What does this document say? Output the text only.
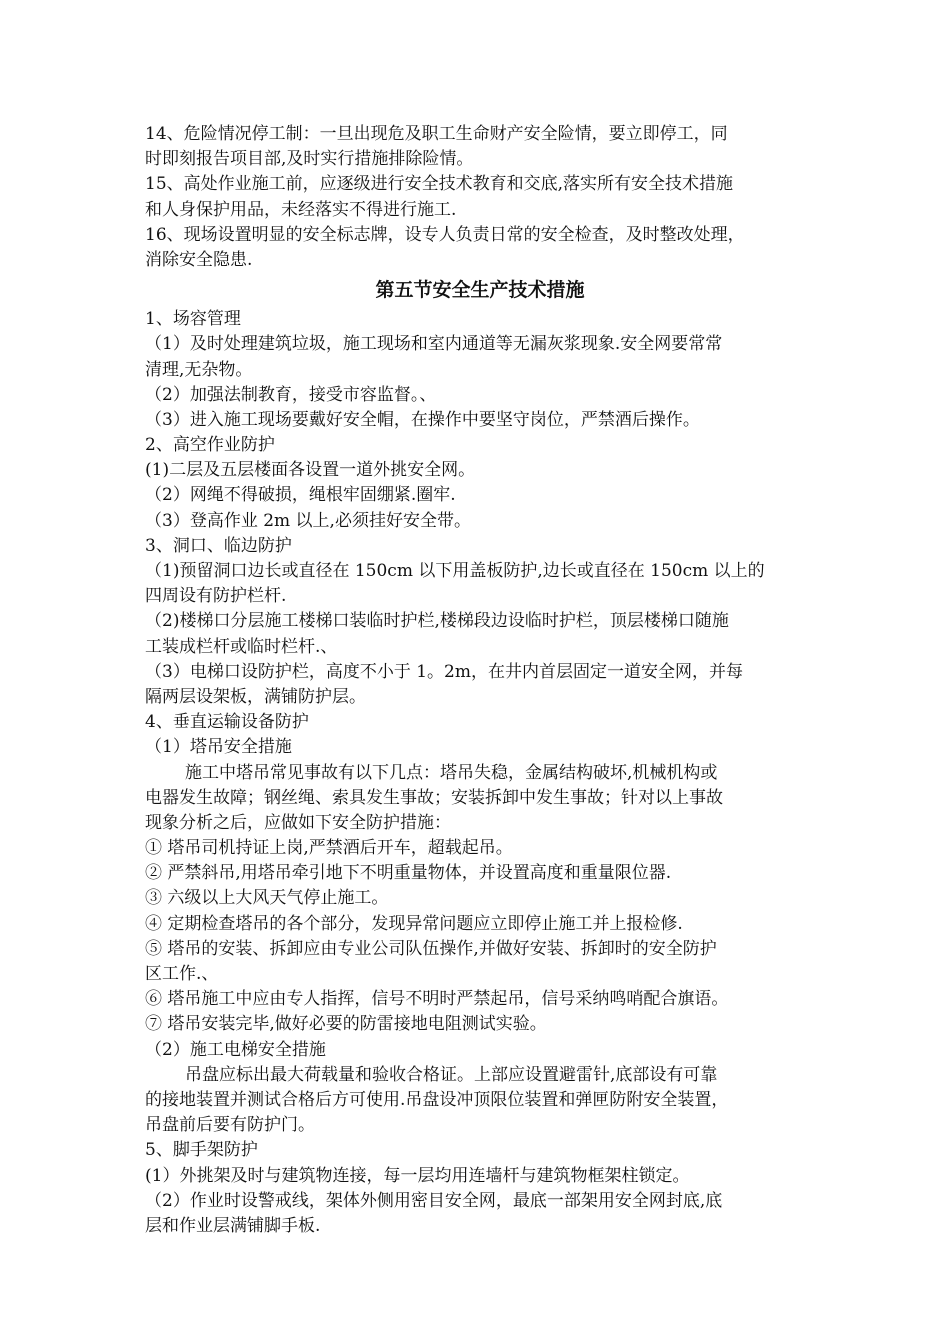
14、危险情况停工制：一旦出现危及职工生命财产安全险情，要立即停工，同
时即刻报告项目部,及时实行措施排除险情。
15、高处作业施工前，应逐级进行安全技术教育和交底,落实所有安全技术措施
和人身保护用品，未经落实不得进行施工.
16、现场设置明显的安全标志牌，设专人负责日常的安全检查，及时整改处理，
消除安全隐患.
第五节安全生产技术措施
1、场容管理
（1）及时处理建筑垃圾，施工现场和室内通道等无漏灰浆现象.安全网要常常
清理,无杂物。
（2）加强法制教育，接受市容监督。、
（3）进入施工现场要戴好安全帽，在操作中要坚守岗位，严禁酒后操作。
2、高空作业防护
(1)二层及五层楼面各设置一道外挑安全网。
（2）网绳不得破损，绳根牢固绷紧.圈牢.
（3）登高作业 2m 以上,必须挂好安全带。
3、洞口、临边防护
（1)预留洞口边长或直径在 150cm 以下用盖板防护,边长或直径在 150cm 以上的
四周设有防护栏杆.
（2)楼梯口分层施工楼梯口装临时护栏,楼梯段边设临时护栏，顶层楼梯口随施
工装成栏杆或临时栏杆.、
（3）电梯口设防护栏，高度不小于 1。2m，在井内首层固定一道安全网，并每
隔两层设架板，满铺防护层。
4、垂直运输设备防护
（1）塔吊安全措施
施工中塔吊常见事故有以下几点：塔吊失稳，金属结构破坏,机械机构或
电器发生故障；钢丝绳、索具发生事故；安装拆卸中发生事故；针对以上事故
现象分析之后，应做如下安全防护措施：
① 塔吊司机持证上岗,严禁酒后开车，超载起吊。
② 严禁斜吊,用塔吊牵引地下不明重量物体，并设置高度和重量限位器.
③ 六级以上大风天气停止施工。
④ 定期检查塔吊的各个部分，发现异常问题应立即停止施工并上报检修.
⑤ 塔吊的安装、拆卸应由专业公司队伍操作,并做好安装、拆卸时的安全防护
区工作.、
⑥ 塔吊施工中应由专人指挥，信号不明时严禁起吊，信号采纳鸣哨配合旗语。
⑦ 塔吊安装完毕,做好必要的防雷接地电阻测试实验。
（2）施工电梯安全措施
吊盘应标出最大荷载量和验收合格证。上部应设置避雷针,底部设有可靠
的接地装置并测试合格后方可使用.吊盘设冲顶限位装置和弹匣防附安全装置，
吊盘前后要有防护门。
5、脚手架防护
(1）外挑架及时与建筑物连接，每一层均用连墙杆与建筑物框架柱锁定。
（2）作业时设警戒线，架体外侧用密目安全网，最底一部架用安全网封底,底
层和作业层满铺脚手板.
